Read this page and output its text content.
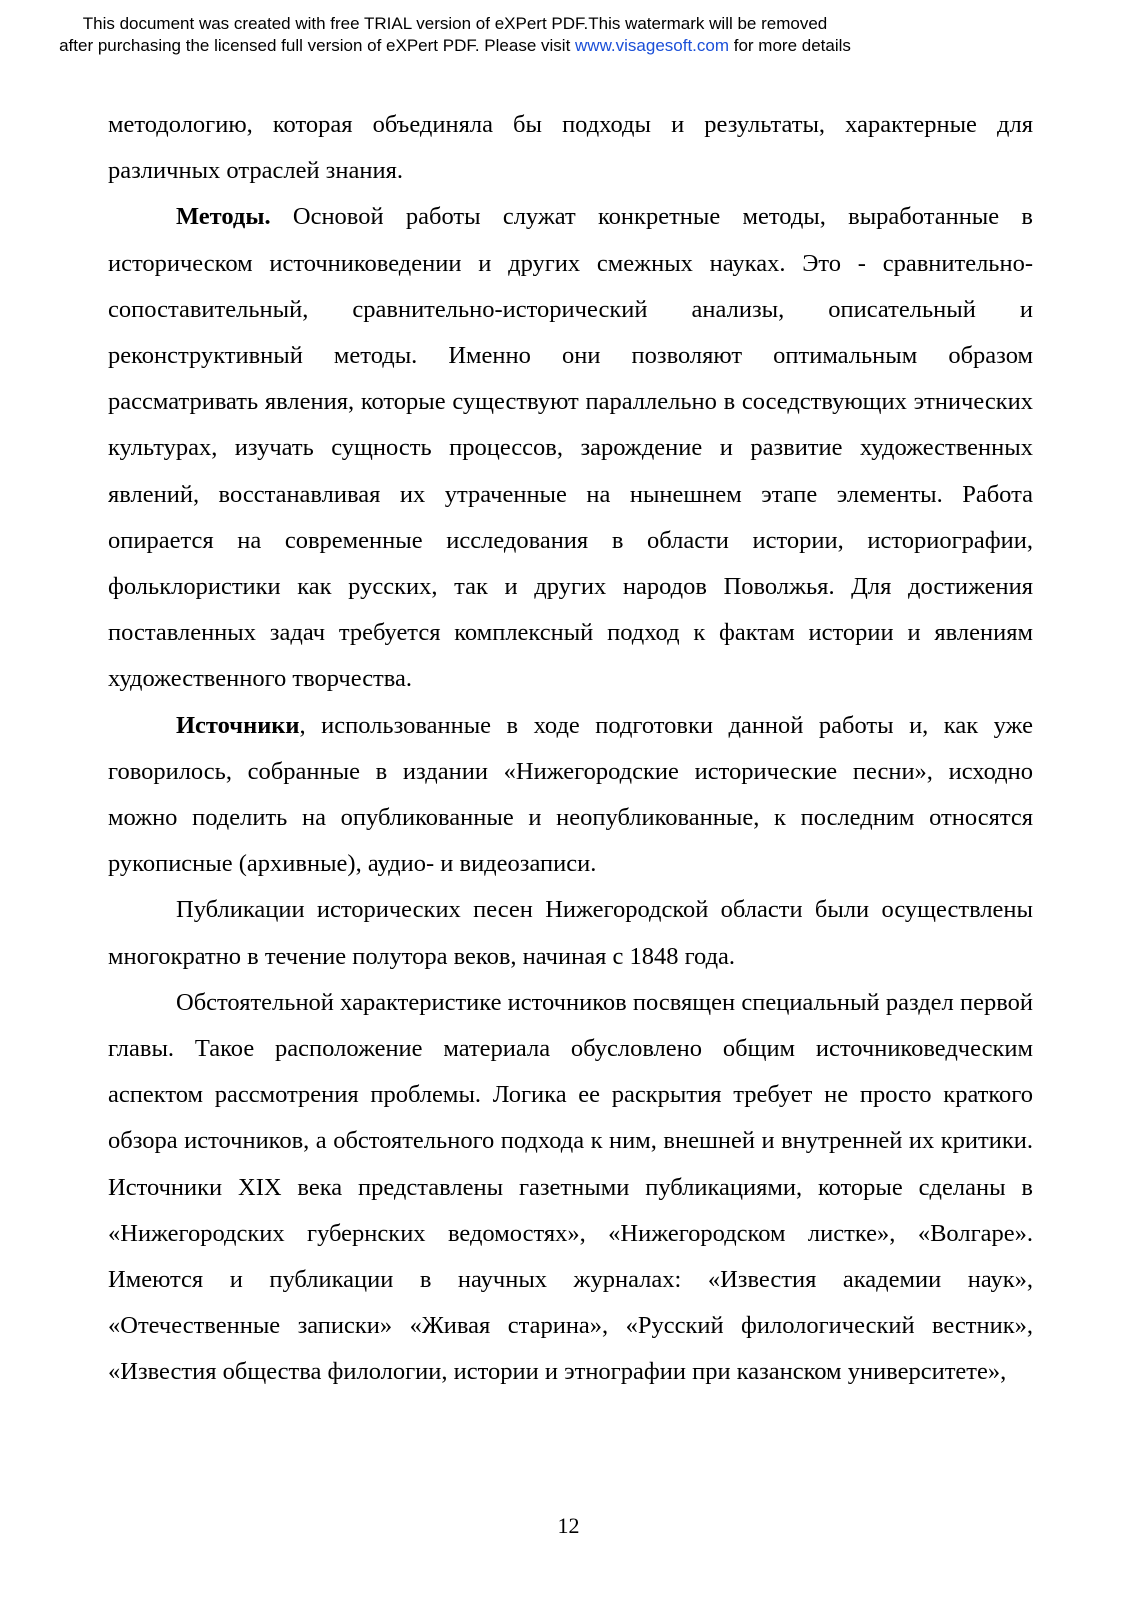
This document was created with free TRIAL version of eXPert PDF.This watermark will be removed
after purchasing the licensed full version of eXPert PDF. Please visit www.visagesoft.com for more details

методологию, которая объединяла бы подходы и результаты, характерные для различных отраслей знания.

Методы. Основой работы служат конкретные методы, выработанные в историческом источниковедении и других смежных науках. Это - сравнительно-сопоставительный, сравнительно-исторический анализы, описательный и реконструктивный методы. Именно они позволяют оптимальным образом рассматривать явления, которые существуют параллельно в соседствующих этнических культурах, изучать сущность процессов, зарождение и развитие художественных явлений, восстанавливая их утраченные на нынешнем этапе элементы. Работа опирается на современные исследования в области истории, историографии, фольклористики как русских, так и других народов Поволжья. Для достижения поставленных задач требуется комплексный подход к фактам истории и явлениям художественного творчества.

Источники, использованные в ходе подготовки данной работы и, как уже говорилось, собранные в издании «Нижегородские исторические песни», исходно можно поделить на опубликованные и неопубликованные, к последним относятся рукописные (архивные), аудио- и видеозаписи.

Публикации исторических песен Нижегородской области были осуществлены многократно в течение полутора веков, начиная с 1848 года.

Обстоятельной характеристике источников посвящен специальный раздел первой главы. Такое расположение материала обусловлено общим источниковедческим аспектом рассмотрения проблемы. Логика ее раскрытия требует не просто краткого обзора источников, а обстоятельного подхода к ним, внешней и внутренней их критики. Источники XIX века представлены газетными публикациями, которые сделаны в «Нижегородских губернских ведомостях», «Нижегородском листке», «Волгаре». Имеются и публикации в научных журналах: «Известия академии наук», «Отечественные записки» «Живая старина», «Русский филологический вестник», «Известия общества филологии, истории и этнографии при казанском университете»,

12
